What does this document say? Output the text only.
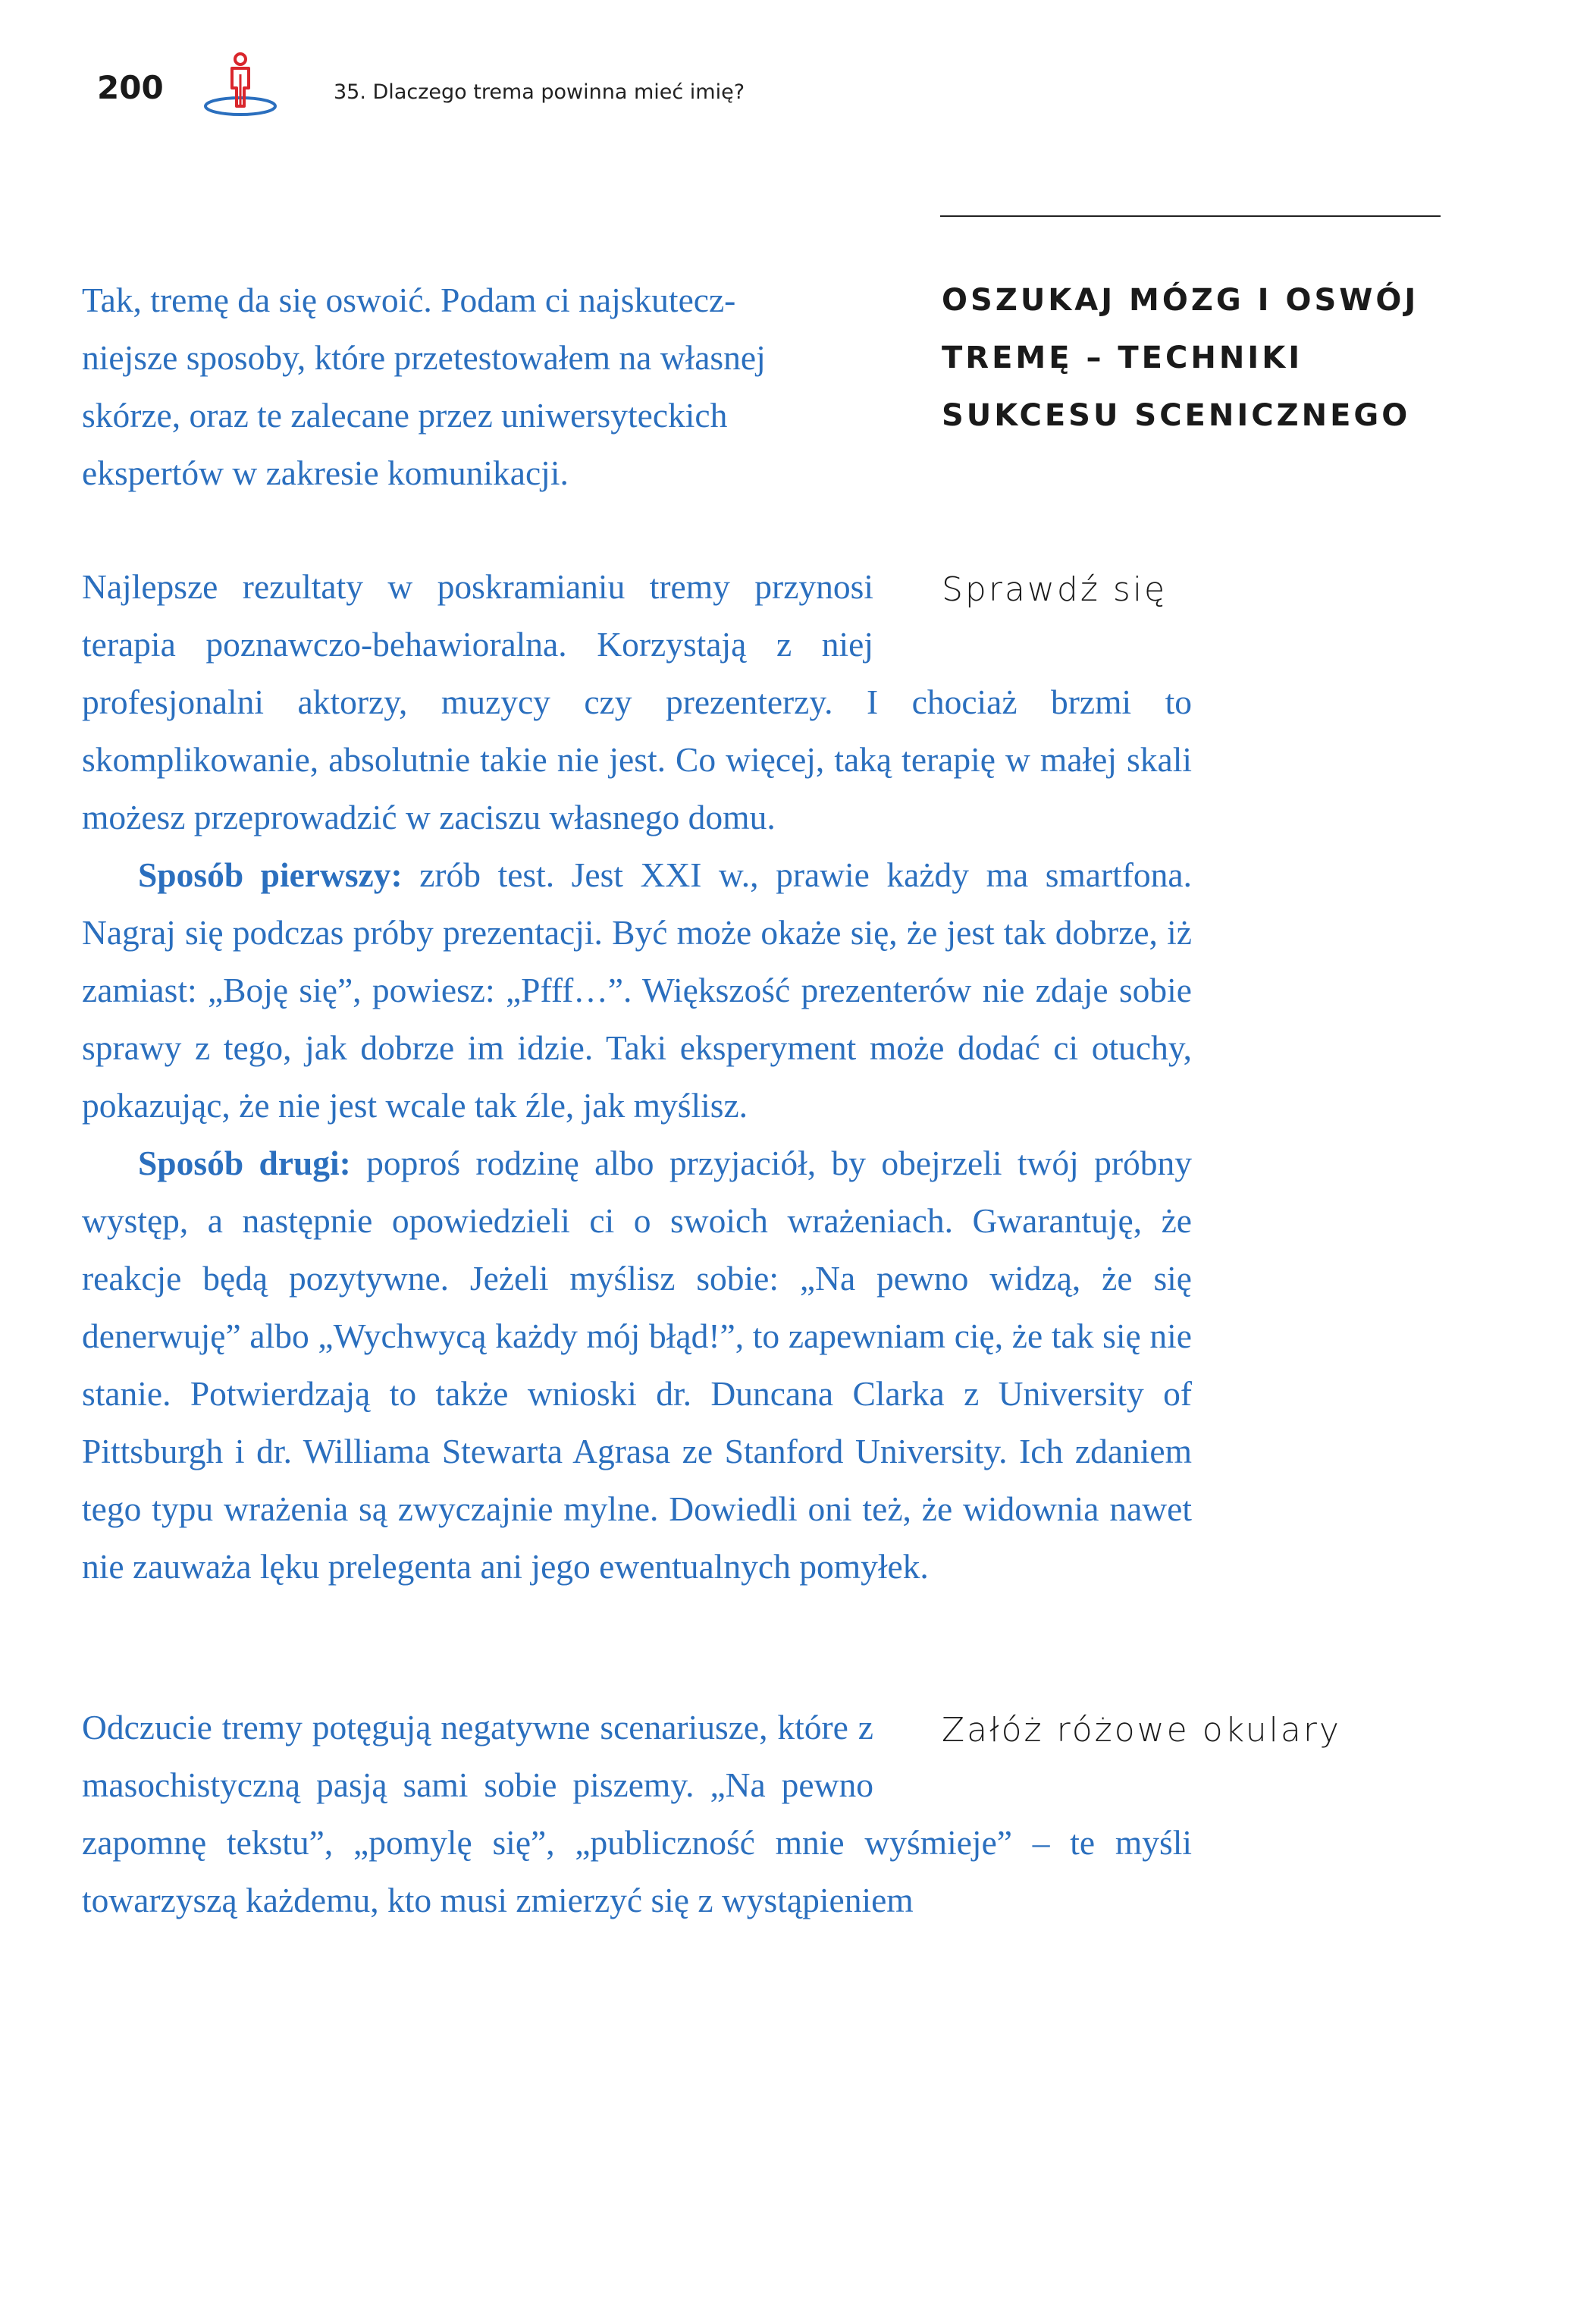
200	35. Dlaczego trema powinna mieć imię?
OSZUKAJ MÓZG I OSWÓJ
TREMĘ – TECHNIKI
SUKCESU SCENICZNEGO
Sprawdź się
Załóż różowe okulary
Tak, tremę da się oswoić. Podam ci najskutecz-
niejsze sposoby, które przetestowałem na własnej
skórze, oraz te zalecane przez uniwersyteckich
ekspertów w zakresie komunikacji.

Najlepsze rezultaty w poskramianiu tremy przynosi terapia poznawczo-behawioralna. Korzystają z niej profesjonalni aktorzy, muzycy czy prezenterzy. I chociaż brzmi to skomplikowanie, absolutnie takie nie jest. Co więcej, taką terapię w małej skali możesz przeprowadzić w zaciszu własnego domu.

Sposób pierwszy: zrób test. Jest XXI w., prawie każdy ma smartfona. Nagraj się podczas próby prezentacji. Być może okaże się, że jest tak dobrze, iż zamiast: „Boję się”, powiesz: „Pfff…”. Większość prezenterów nie zdaje sobie sprawy z tego, jak dobrze im idzie. Taki eksperyment może dodać ci otuchy, pokazując, że nie jest wcale tak źle, jak myślisz.

Sposób drugi: poproś rodzinę albo przyjaciół, by obejrzeli twój próbny występ, a następnie opowiedzieli ci o swoich wrażeniach. Gwarantuję, że reakcje będą pozytywne. Jeżeli myślisz sobie: „Na pewno widzą, że się denerwuję” albo „Wychwycą każdy mój błąd!”, to zapewniam cię, że tak się nie stanie. Potwierdzają to także wnioski dr. Duncana Clarka z University of Pittsburgh i dr. Williama Stewarta Agrasa ze Stanford University. Ich zdaniem tego typu wrażenia są zwyczajnie mylne. Dowiedli oni też, że widownia nawet nie zauważa lęku prelegenta ani jego ewentualnych pomyłek.

Odczucie tremy potęgują negatywne scenariusze, które z masochistyczną pasją sami sobie piszemy. „Na pewno zapomnę tekstu”, „pomylę się”, „publiczność mnie wyśmieje” – te myśli towarzyszą każdemu, kto musi zmierzyć się z wystąpieniem
